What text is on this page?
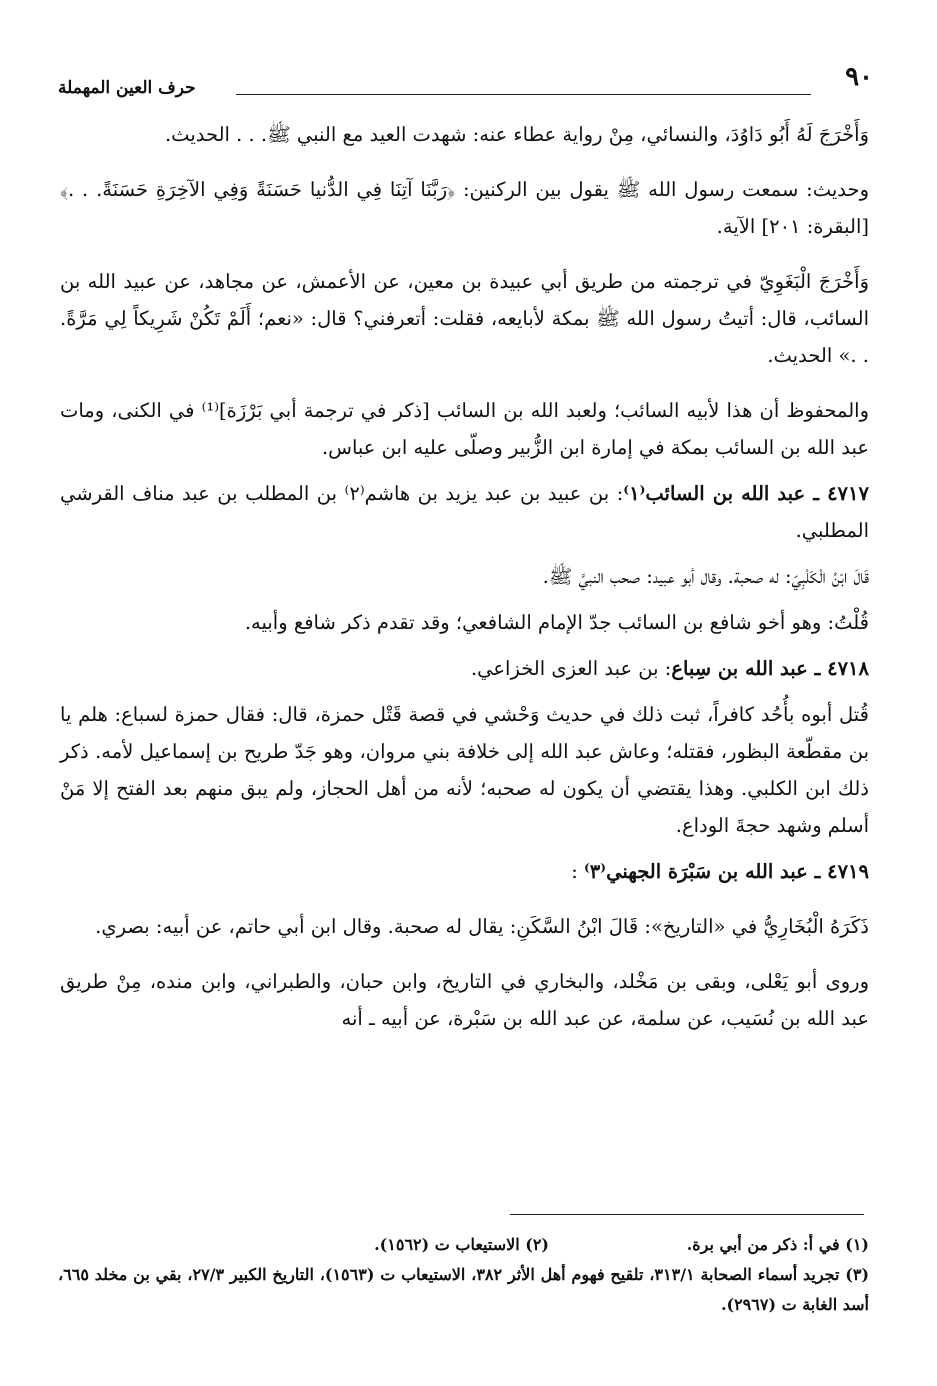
٩٠
حرف العين المهملة

وَأَخْرَجَ لَهُ أَبُو دَاوُدَ، والنسائي، مِنْ رواية عطاء عنه: شهدت العيد مع النبي ﷺ. . . الحديث.

وحديث: سمعت رسول الله ﷺ يقول بين الركنين: ﴿رَبَّنَا آتِنَا فِي الدُّنيا حَسَنَةً وَفِي الآخِرَةِ حَسَنَةً. . .﴾ [البقرة: ٢٠١] الآية.

وَأَخْرَجَ الْبَغَوِيّ في ترجمته من طريق أبي عبيدة بن معين، عن الأعمش، عن مجاهد، عن عبيد الله بن السائب، قال: أتيتُ رسول الله ﷺ بمكة لأبايعه، فقلت: أتعرفني؟ قال: «نعم؛ أَلَمْ تَكُنْ شَرِيكاً لِي مَرَّةً. . .» الحديث.

والمحفوظ أن هذا لأبيه السائب؛ ولعبد الله بن السائب [ذكر في ترجمة أبي بَرْزَة]⁽¹⁾ في الكنى، ومات عبد الله بن السائب بمكة في إمارة ابن الزُّبير وصلّى عليه ابن عباس.

٤٧١٧ ـ عبد الله بن السائب⁽١⁾: بن عبيد بن عبد يزيد بن هاشم⁽٢⁾ بن المطلب بن عبد مناف القرشي المطلبي.

قَالَ ابْنُ الْكَلْبِيّ: له صحبة. وقال أبو عبيد: صحب النبيَّ ﷺ.

قُلْتُ: وهو أخو شافع بن السائب جدّ الإمام الشافعي؛ وقد تقدم ذكر شافع وأبيه.

٤٧١٨ ـ عبد الله بن سِباع: بن عبد العزى الخزاعي.

قُتل أبوه بأُحُد كافراً، ثبت ذلك في حديث وَحْشي في قصة قَتْل حمزة، قال: فقال حمزة لسباع: هلم يا بن مقطّعة البظور، فقتله؛ وعاش عبد الله إلى خلافة بني مروان، وهو جَدّ طريح بن إسماعيل لأمه. ذكر ذلك ابن الكلبي. وهذا يقتضي أن يكون له صحبه؛ لأنه من أهل الحجاز، ولم يبق منهم بعد الفتح إلا مَنْ أسلم وشهد حجةَ الوداع.

٤٧١٩ ـ عبد الله بن سَبْرَة الجهني⁽٣⁾ :

ذَكَرَهُ الْبُخَارِيُّ في «التاريخ»: قَالَ ابْنُ السَّكَنِ: يقال له صحبة. وقال ابن أبي حاتم، عن أبيه: بصري.

وروى أبو يَعْلى، وبقى بن مَخْلد، والبخاري في التاريخ، وابن حبان، والطبراني، وابن منده، مِنْ طريق عبد الله بن نُسَيب، عن سلمة، عن عبد الله بن سَبْرة، عن أبيه ـ أنه

(١) في أ: ذكر من أبي برة.
(٢) الاستيعاب ت (١٥٦٢).
(٣) تجريد أسماء الصحابة ٣١٣/١، تلقيح فهوم أهل الأثر ٣٨٢، الاستيعاب ت (١٥٦٣)، التاريخ الكبير ٢٧/٣، بقي بن مخلد ٦٦٥، أسد الغابة ت (٢٩٦٧).
